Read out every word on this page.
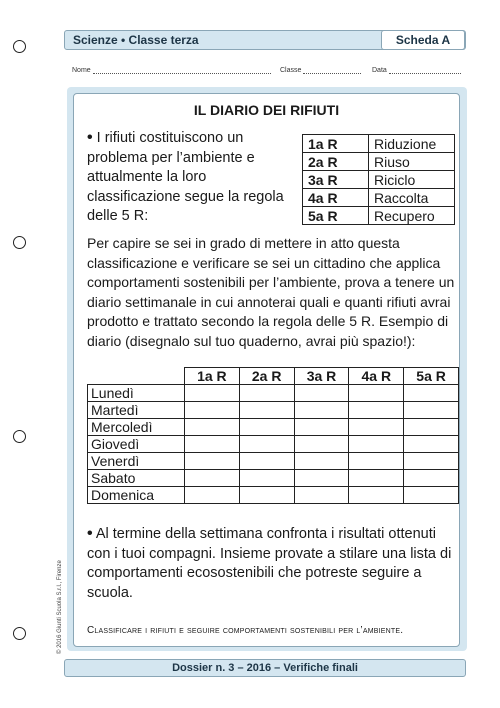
Scienze • Classe terza	Scheda A
Nome	Classe	Data
IL DIARIO DEI RIFIUTI
• I rifiuti costituiscono un problema per l’ambiente e attualmente la loro classificazione segue la regola delle 5 R:
1a R	Riduzione
2a R	Riuso
3a R	Riciclo
4a R	Raccolta
5a R	Recupero
Per capire se sei in grado di mettere in atto questa classificazione e verificare se sei un cittadino che applica comportamenti sostenibili per l’ambiente, prova a tenere un diario settimanale in cui annoterai quali e quanti rifiuti avrai prodotto e trattato secondo la regola delle 5 R. Esempio di diario (disegnalo sul tuo quaderno, avrai più spazio!):
	1a R	2a R	3a R	4a R	5a R
Lunedì					
Martedì					
Mercoledì					
Giovedì					
Venerdì					
Sabato					
Domenica					
• Al termine della settimana confronta i risultati ottenuti con i tuoi compagni. Insieme provate a stilare una lista di comportamenti ecosostenibili che potreste seguire a scuola.
Classificare i rifiuti e seguire comportamenti sostenibili per l’ambiente.
© 2016 Giunti Scuola S.r.l., Firenze
Dossier n. 3 – 2016 – Verifiche finali
